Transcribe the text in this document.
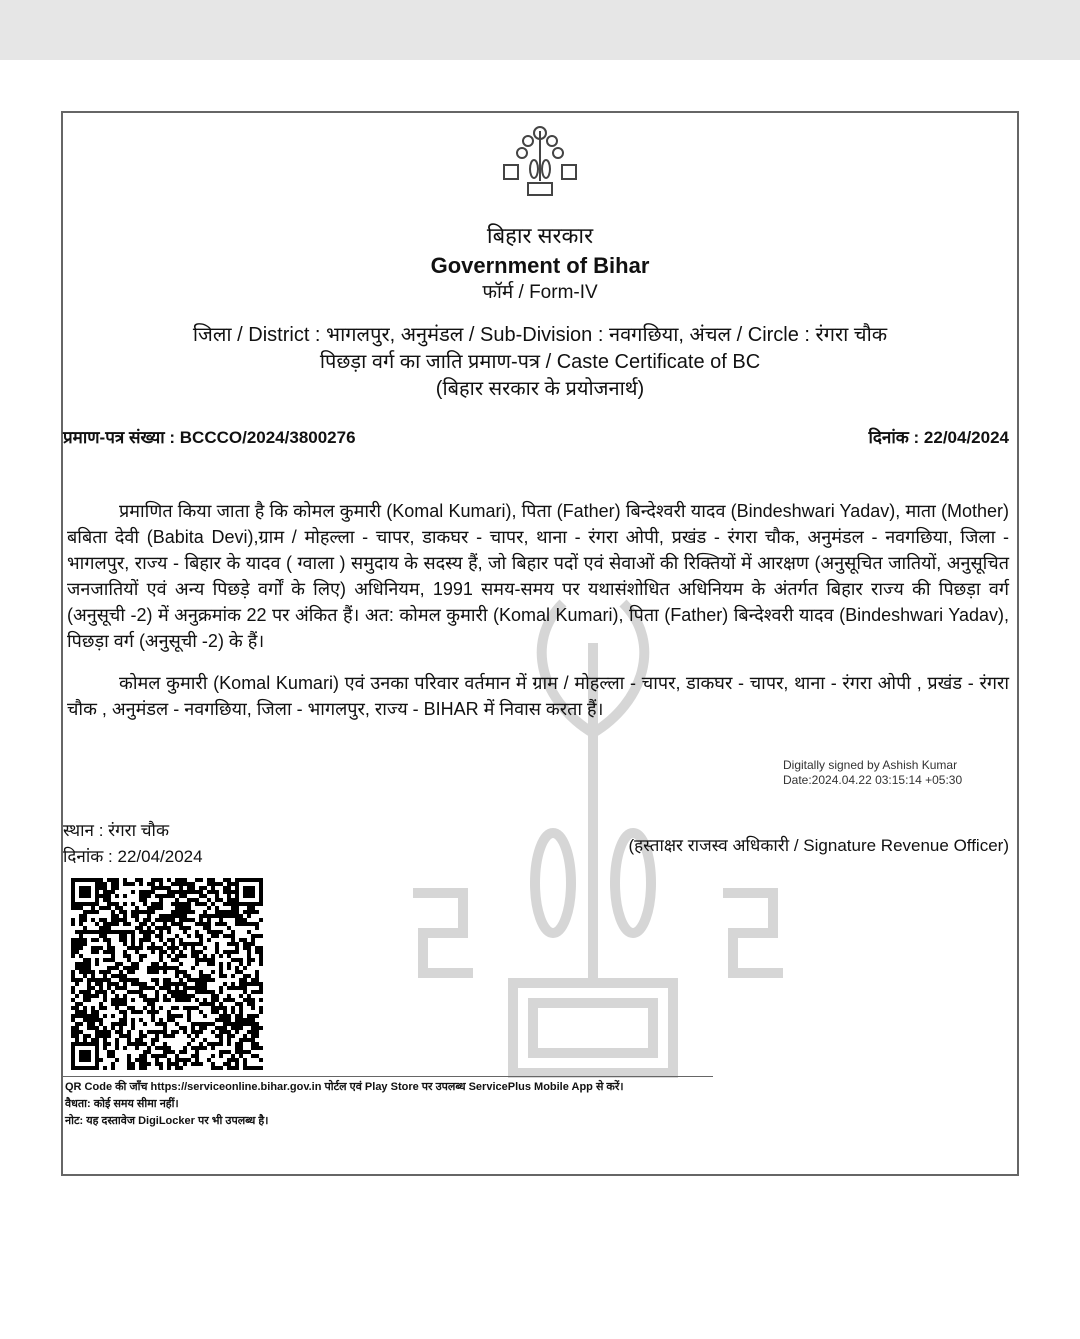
बिहार सरकार
Government of Bihar
फॉर्म / Form-IV
जिला / District : भागलपुर, अनुमंडल / Sub-Division : नवगछिया, अंचल / Circle : रंगरा चौक
पिछड़ा वर्ग का जाति प्रमाण-पत्र / Caste Certificate of BC
(बिहार सरकार के प्रयोजनार्थ)
प्रमाण-पत्र संख्या : BCCCO/2024/3800276	दिनांक : 22/04/2024
प्रमाणित किया जाता है कि कोमल कुमारी (Komal Kumari), पिता (Father) बिन्देश्वरी यादव (Bindeshwari Yadav), माता (Mother) बबिता देवी (Babita Devi),ग्राम / मोहल्ला - चापर, डाकघर - चापर, थाना - रंगरा ओपी, प्रखंड - रंगरा चौक, अनुमंडल - नवगछिया, जिला - भागलपुर, राज्य - बिहार के यादव ( ग्वाला ) समुदाय के सदस्य हैं, जो बिहार पदों एवं सेवाओं की रिक्तियों में आरक्षण (अनुसूचित जातियों, अनुसूचित जनजातियों एवं अन्य पिछड़े वर्गों के लिए) अधिनियम, 1991 समय-समय पर यथासंशोधित अधिनियम के अंतर्गत बिहार राज्य की पिछड़ा वर्ग (अनुसूची -2) में अनुक्रमांक 22 पर अंकित हैं। अत: कोमल कुमारी (Komal Kumari), पिता (Father) बिन्देश्वरी यादव (Bindeshwari Yadav), पिछड़ा वर्ग (अनुसूची -2) के हैं।
कोमल कुमारी (Komal Kumari) एवं उनका परिवार वर्तमान में ग्राम / मोहल्ला - चापर, डाकघर - चापर, थाना - रंगरा ओपी , प्रखंड - रंगरा चौक , अनुमंडल - नवगछिया, जिला - भागलपुर, राज्य - BIHAR में निवास करता हैं।
Digitally signed by Ashish Kumar
Date:2024.04.22 03:15:14 +05:30
स्थान : रंगरा चौक
दिनांक : 22/04/2024
(हस्ताक्षर राजस्व अधिकारी / Signature Revenue Officer)
QR Code की जाँच https://serviceonline.bihar.gov.in पोर्टल एवं Play Store पर उपलब्ध ServicePlus Mobile App से करें।
वैधता: कोई समय सीमा नहीं।
नोट: यह दस्तावेज DigiLocker पर भी उपलब्ध है।
